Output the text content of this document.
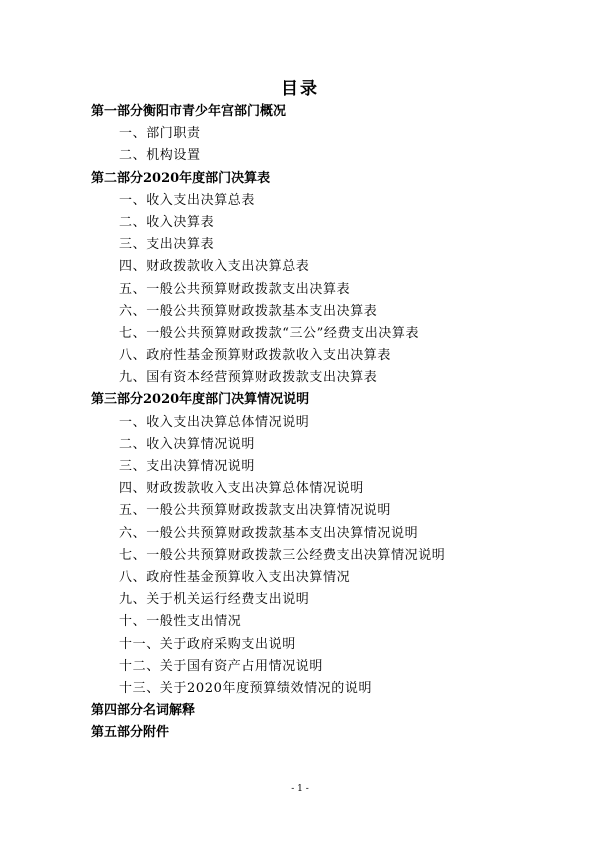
目录
第一部分衡阳市青少年宫部门概况
一、部门职责
二、机构设置
第二部分2020年度部门决算表
一、收入支出决算总表
二、收入决算表
三、支出决算表
四、财政拨款收入支出决算总表
五、一般公共预算财政拨款支出决算表
六、一般公共预算财政拨款基本支出决算表
七、一般公共预算财政拨款“三公”经费支出决算表
八、政府性基金预算财政拨款收入支出决算表
九、国有资本经营预算财政拨款支出决算表
第三部分2020年度部门决算情况说明
一、收入支出决算总体情况说明
二、收入决算情况说明
三、支出决算情况说明
四、财政拨款收入支出决算总体情况说明
五、一般公共预算财政拨款支出决算情况说明
六、一般公共预算财政拨款基本支出决算情况说明
七、一般公共预算财政拨款三公经费支出决算情况说明
八、政府性基金预算收入支出决算情况
九、关于机关运行经费支出说明
十、一般性支出情况
十一、关于政府采购支出说明
十二、关于国有资产占用情况说明
十三、关于2020年度预算绩效情况的说明
第四部分名词解释
第五部分附件
- 1 -
